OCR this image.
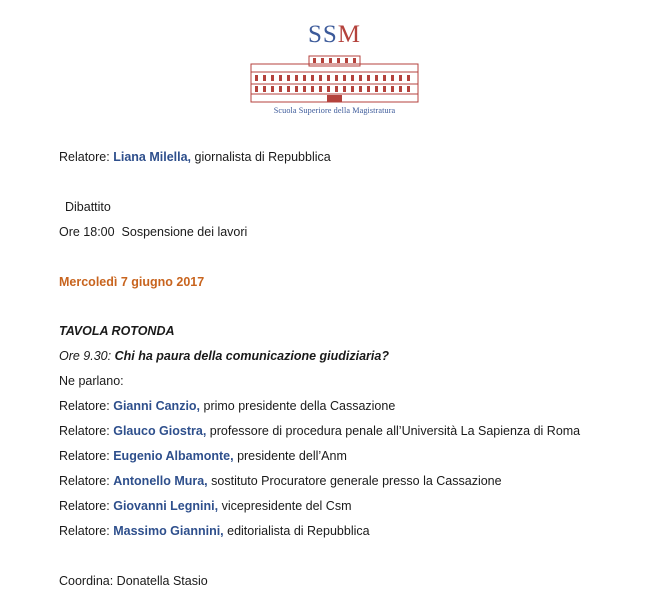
SSM
Scuola Superiore della Magistratura
Relatore: Liana Milella, giornalista di Repubblica
Dibattito
Ore 18:00 Sospensione dei lavori
Mercoledì 7 giugno 2017
TAVOLA ROTONDA
Ore 9.30: Chi ha paura della comunicazione giudiziaria?
Ne parlano:
Relatore: Gianni Canzio, primo presidente della Cassazione
Relatore: Glauco Giostra, professore di procedura penale all’Università La Sapienza di Roma
Relatore: Eugenio Albamonte, presidente dell’Anm
Relatore: Antonello Mura, sostituto Procuratore generale presso la Cassazione
Relatore: Giovanni Legnini, vicepresidente del Csm
Relatore: Massimo Giannini, editorialista di Repubblica
Coordina: Donatella Stasio
